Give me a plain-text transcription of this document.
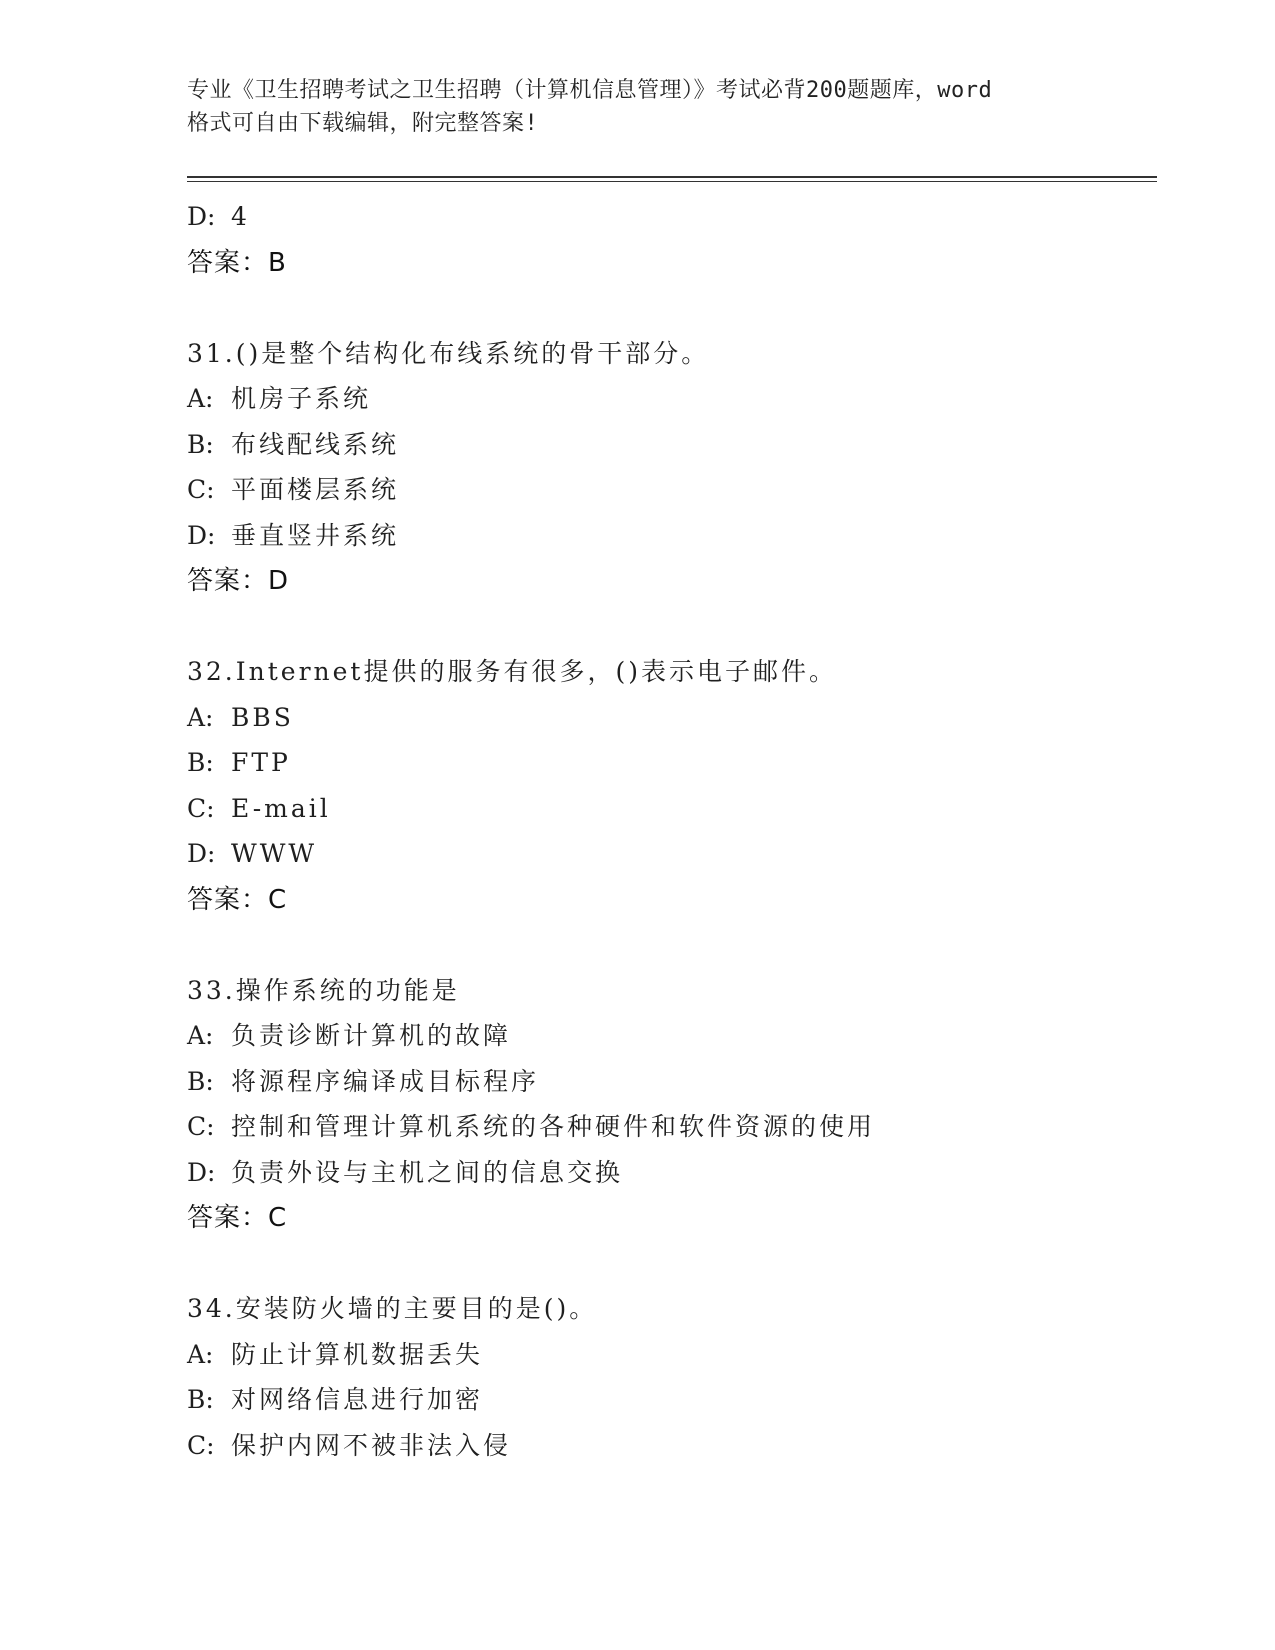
专业《卫生招聘考试之卫生招聘（计算机信息管理）》考试必背200题题库，word
格式可自由下载编辑，附完整答案!
D: 4
答案：B
31.()是整个结构化布线系统的骨干部分。
A: 机房子系统
B: 布线配线系统
C: 平面楼层系统
D: 垂直竖井系统
答案：D
32.Internet提供的服务有很多，()表示电子邮件。
A: BBS
B: FTP
C: E-mail
D: WWW
答案：C
33.操作系统的功能是
A: 负责诊断计算机的故障
B: 将源程序编译成目标程序
C: 控制和管理计算机系统的各种硬件和软件资源的使用
D: 负责外设与主机之间的信息交换
答案：C
34.安装防火墙的主要目的是()。
A: 防止计算机数据丢失
B: 对网络信息进行加密
C: 保护内网不被非法入侵
